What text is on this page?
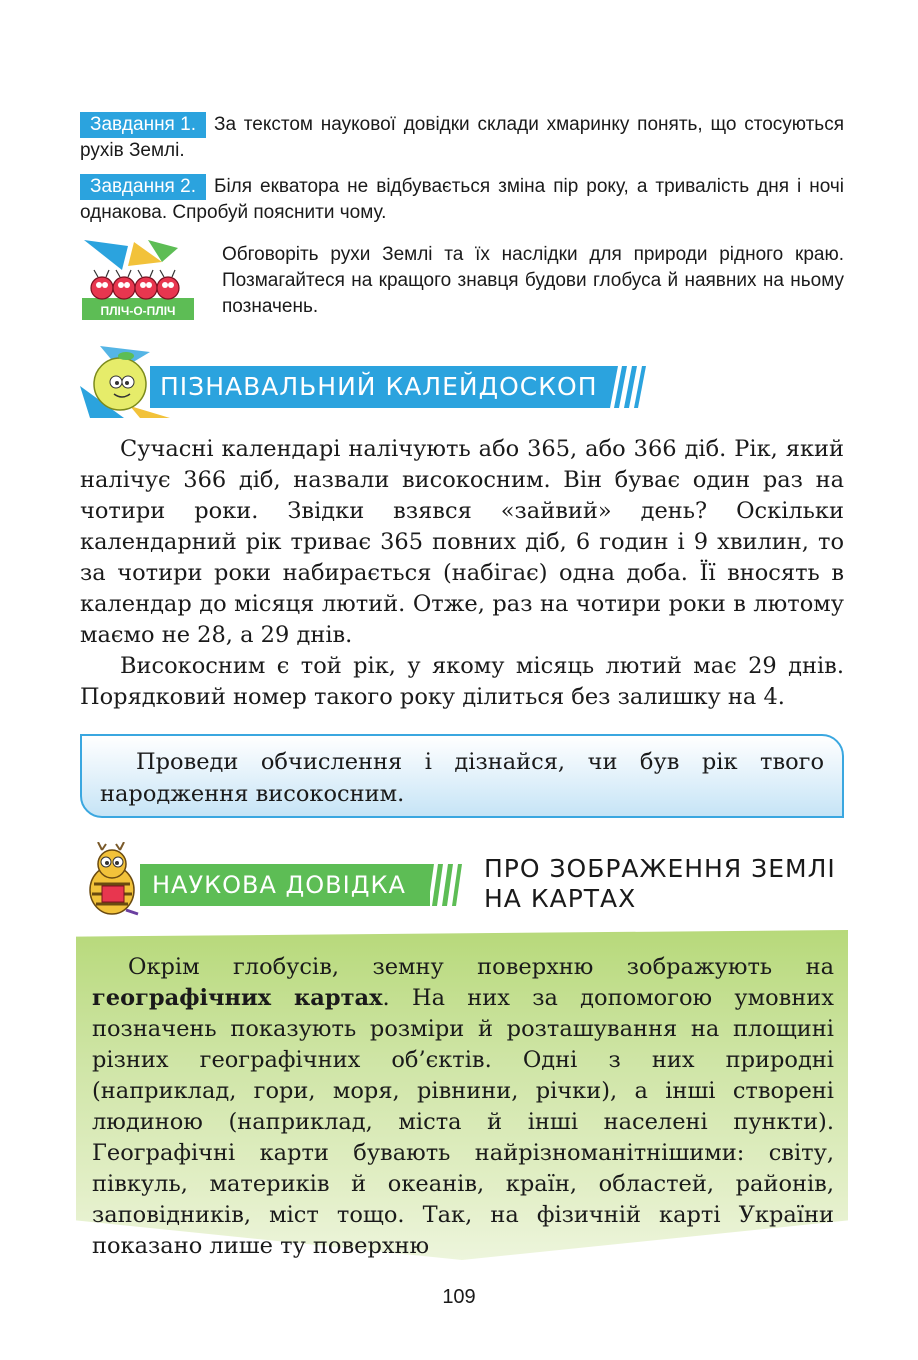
Завдання 1. За текстом наукової довідки склади хмаринку понять, що стосуються рухів Землі.
Завдання 2. Біля екватора не відбувається зміна пір року, а тривалість дня і ночі однакова. Спробуй пояснити чому.
ПЛІЧ-О-ПЛІЧ
Обговоріть рухи Землі та їх наслідки для природи рідного краю. Позмагайтеся на кращого знавця будови глобуса й наявних на ньому позначень.
ПІЗНАВАЛЬНИЙ КАЛЕЙДОСКОП

Сучасні календарі налічують або 365, або 366 діб. Рік, який налічує 366 діб, назвали високосним. Він буває один раз на чотири роки. Звідки взявся «зайвий» день? Оскільки календарний рік триває 365 повних діб, 6 годин і 9 хвилин, то за чотири роки набирається (набігає) одна доба. Її вносять в календар до місяця лютий. Отже, раз на чотири роки в лютому маємо не 28, а 29 днів.

Високосним є той рік, у якому місяць лютий має 29 днів. Порядковий номер такого року ділиться без залишку на 4.

Проведи обчислення і дізнайся, чи був рік твого народження високосним.

НАУКОВА ДОВІДКА
ПРО ЗОБРАЖЕННЯ ЗЕМЛІ НА КАРТАХ

Окрім глобусів, земну поверхню зображують на географічних картах. На них за допомогою умовних позначень показують розміри й розташування на площині різних географічних об’єктів. Одні з них природні (наприклад, гори, моря, рівнини, річки), а інші створені людиною (наприклад, міста й інші населені пункти). Географічні карти бувають найрізноманітнішими: світу, півкуль, материків й океанів, країн, областей, районів, заповідників, міст тощо. Так, на фізичній карті України показано лише ту поверхню

109
